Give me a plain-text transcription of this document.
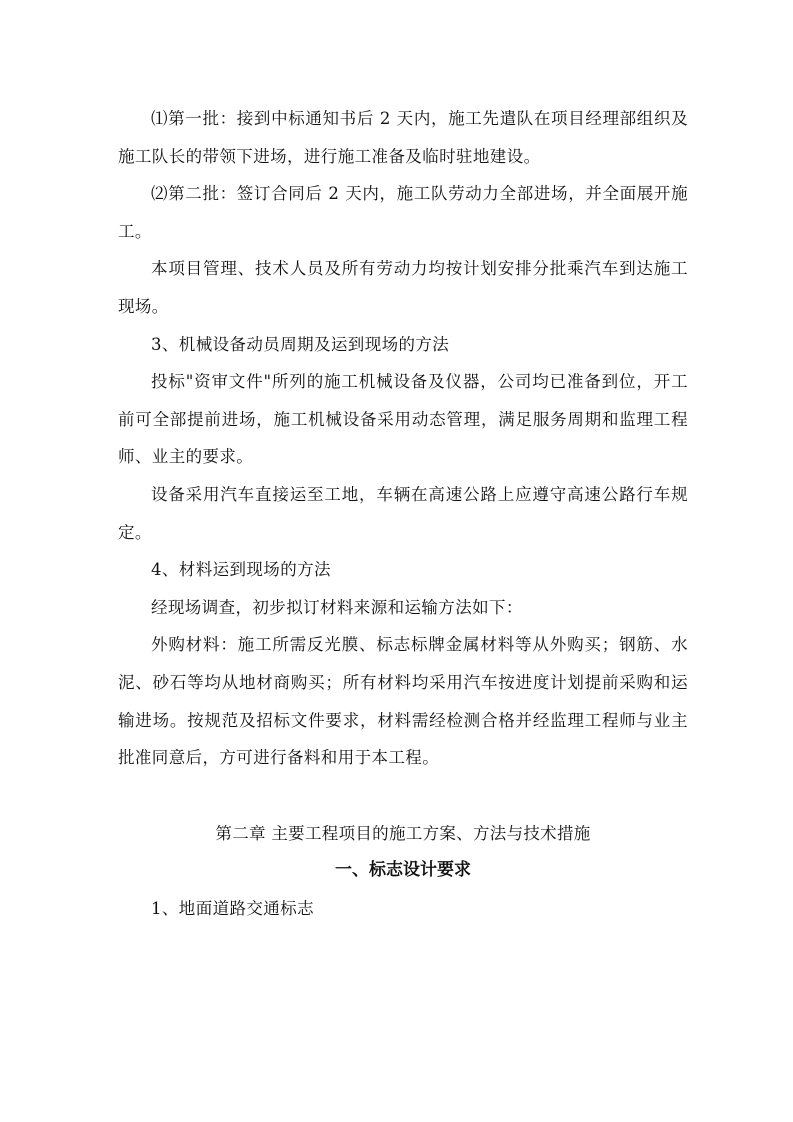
⑴第一批：接到中标通知书后 2 天内，施工先遣队在项目经理部组织及施工队长的带领下进场，进行施工准备及临时驻地建设。

⑵第二批：签订合同后 2 天内，施工队劳动力全部进场，并全面展开施工。

本项目管理、技术人员及所有劳动力均按计划安排分批乘汽车到达施工现场。

3、机械设备动员周期及运到现场的方法

投标"资审文件"所列的施工机械设备及仪器，公司均已准备到位，开工前可全部提前进场，施工机械设备采用动态管理，满足服务周期和监理工程师、业主的要求。

设备采用汽车直接运至工地，车辆在高速公路上应遵守高速公路行车规定。

4、材料运到现场的方法

经现场调查，初步拟订材料来源和运输方法如下：

外购材料：施工所需反光膜、标志标牌金属材料等从外购买；钢筋、水泥、砂石等均从地材商购买；所有材料均采用汽车按进度计划提前采购和运输进场。按规范及招标文件要求，材料需经检测合格并经监理工程师与业主批准同意后，方可进行备料和用于本工程。

第二章 主要工程项目的施工方案、方法与技术措施

一、标志设计要求

1、地面道路交通标志
